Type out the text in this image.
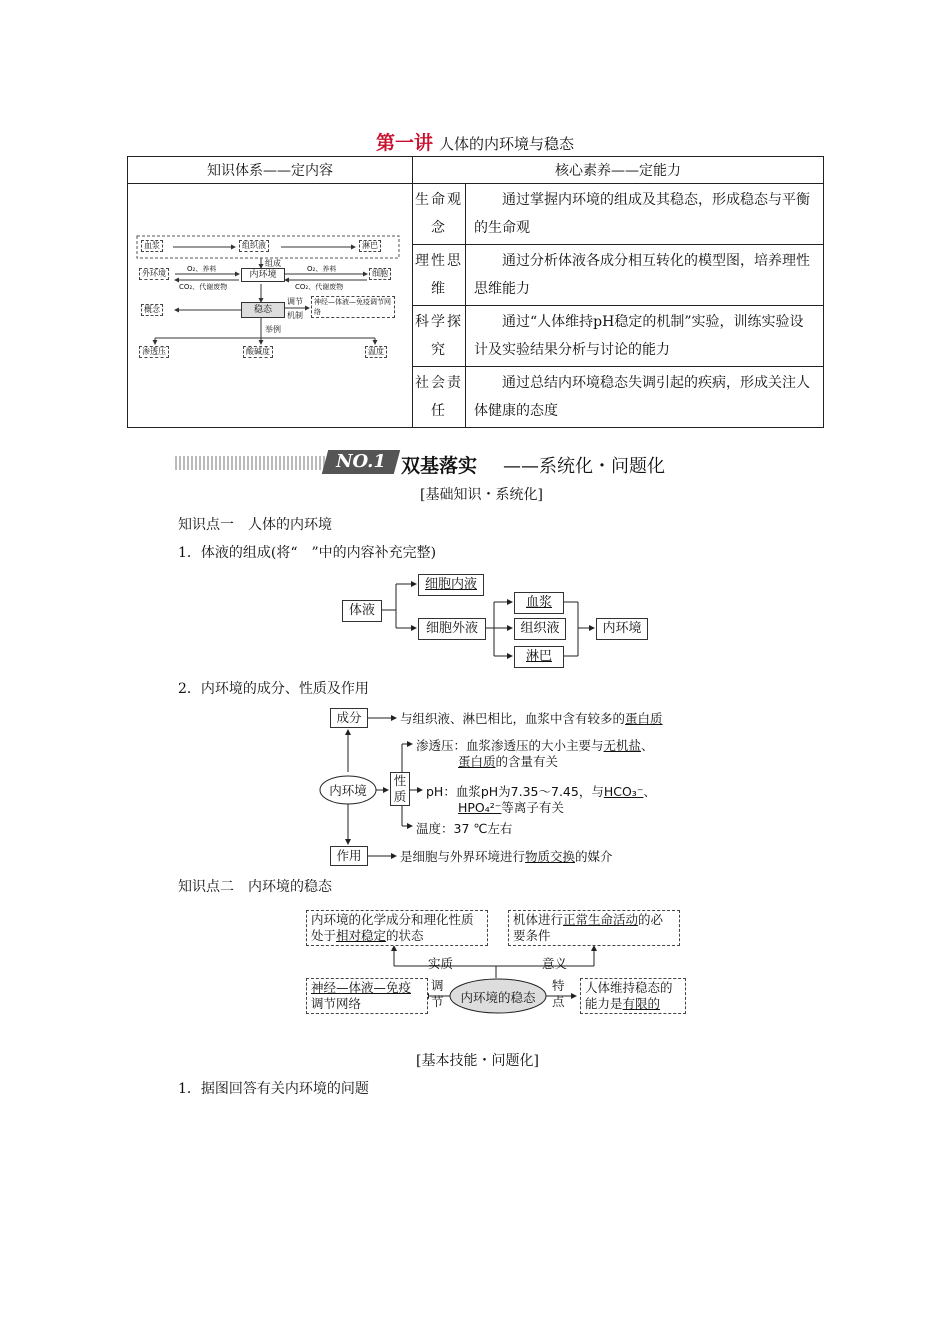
第一讲 人体的内环境与稳态
知识体系——定内容	核心素养——定能力	
	生命观念	通过掌握内环境的组成及其稳态，形成稳态与平衡的生命观
	理性思维	通过分析体液各成分相互转化的模型图，培养理性思维能力
	科学探究	通过“人体维持pH稳定的机制”实验，训练实验设计及实验结果分析与讨论的能力
	社会责任	通过总结内环境稳态失调引起的疾病，形成关注人体健康的态度
血浆	组织液	淋巴
组成
外环境	内环境	细胞
O₂、养料
CO₂、代谢废物
O₂、养料
CO₂、代谢废物
概念	稳态
调节
机制
神经—体液—免疫调节网络
举例
渗透压	酸碱度	温度
NO.1 双基落实 ——系统化・问题化
[基础知识・系统化]
知识点一　人体的内环境
1．体液的组成(将“　”中的内容补充完整)
体液
细胞内液
细胞外液
血浆
组织液
淋巴
内环境
2．内环境的成分、性质及作用
成分	与组织液、淋巴相比，血浆中含有较多的蛋白质
内环境
性质
渗透压：血浆渗透压的大小主要与无机盐、
蛋白质的含量有关
pH：血浆pH为7.35～7.45，与HCO₃⁻、
HPO₄²⁻等离子有关
温度：37 ℃左右
作用	是细胞与外界环境进行物质交换的媒介
知识点二　内环境的稳态
内环境的化学成分和理化性质
处于相对稳定的状态
机体进行正常生命活动的必要条件
实质	意义
内环境的稳态
神经—体液—免疫
调节网络
调节
特点
人体维持稳态的
能力是有限的
[基本技能・问题化]
1．据图回答有关内环境的问题
